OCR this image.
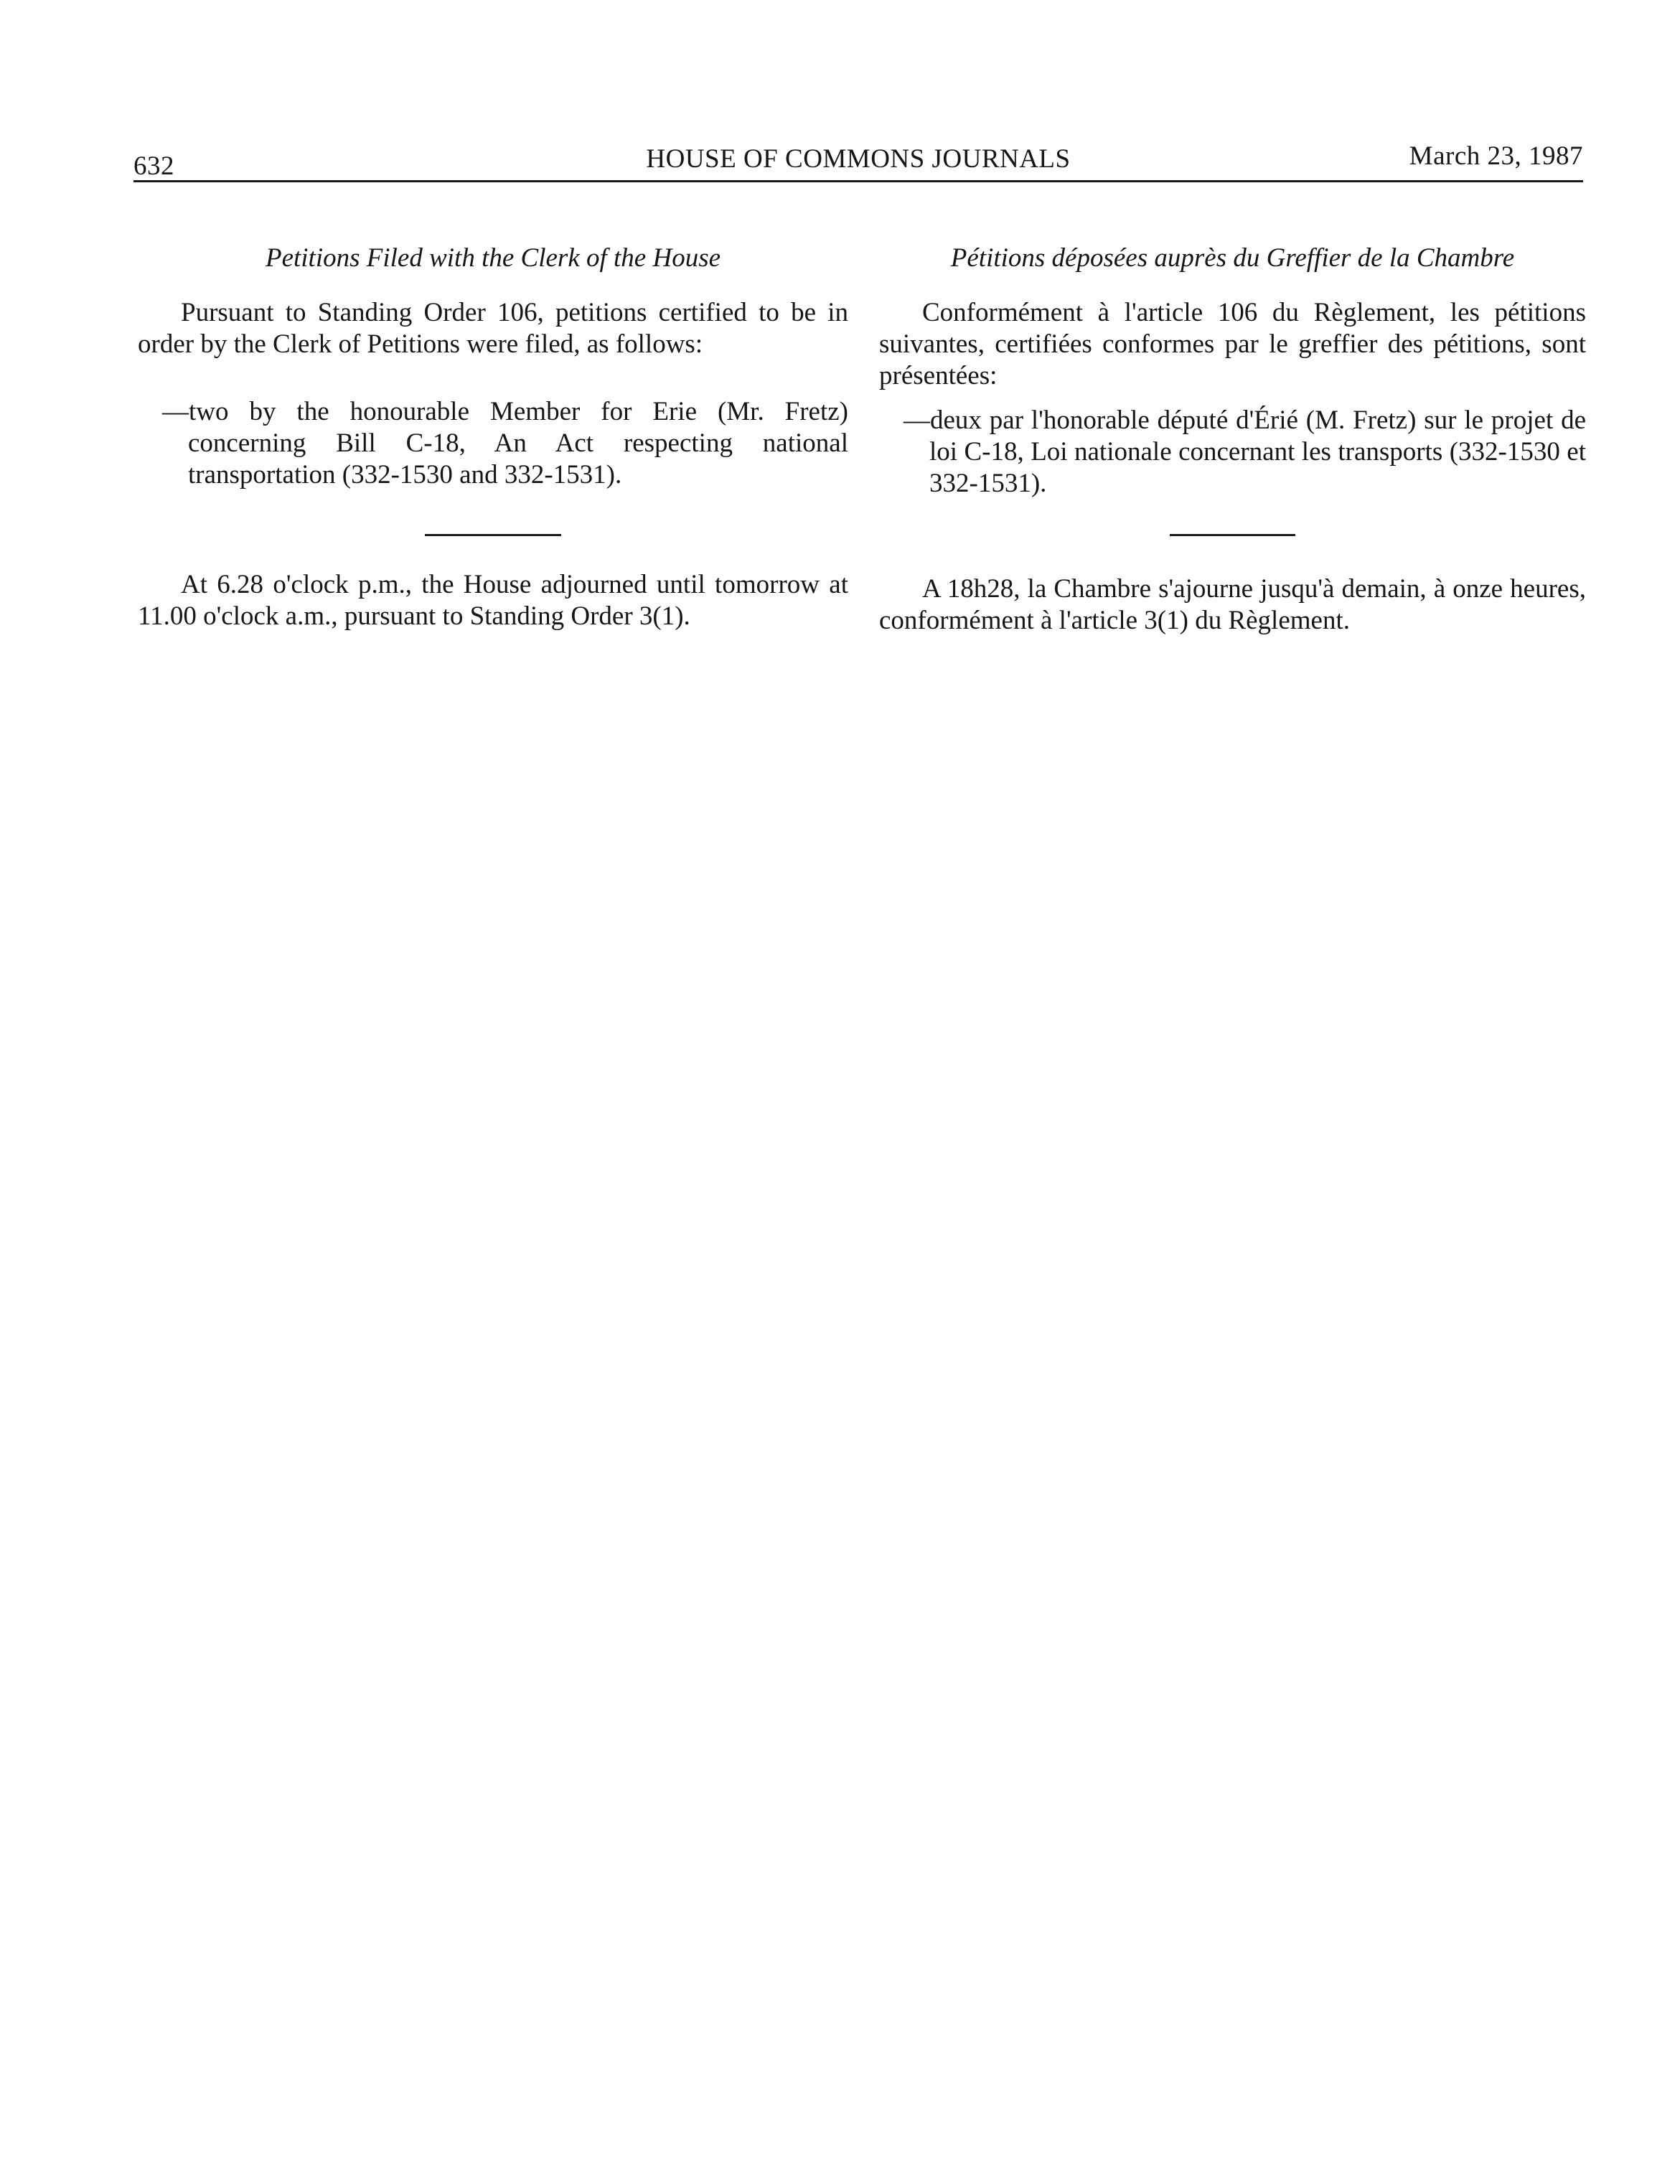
632	HOUSE OF COMMONS JOURNALS	March 23, 1987

Petitions Filed with the Clerk of the House

Pursuant to Standing Order 106, petitions certified to be in order by the Clerk of Petitions were filed, as follows:

—two by the honourable Member for Erie (Mr. Fretz) concerning Bill C-18, An Act respecting national transportation (332-1530 and 332-1531).

At 6.28 o'clock p.m., the House adjourned until tomorrow at 11.00 o'clock a.m., pursuant to Standing Order 3(1).

Pétitions déposées auprès du Greffier de la Chambre

Conformément à l'article 106 du Règlement, les pétitions suivantes, certifiées conformes par le greffier des pétitions, sont présentées:

—deux par l'honorable député d'Érié (M. Fretz) sur le projet de loi C-18, Loi nationale concernant les transports (332-1530 et 332-1531).

A 18h28, la Chambre s'ajourne jusqu'à demain, à onze heures, conformément à l'article 3(1) du Règlement.
